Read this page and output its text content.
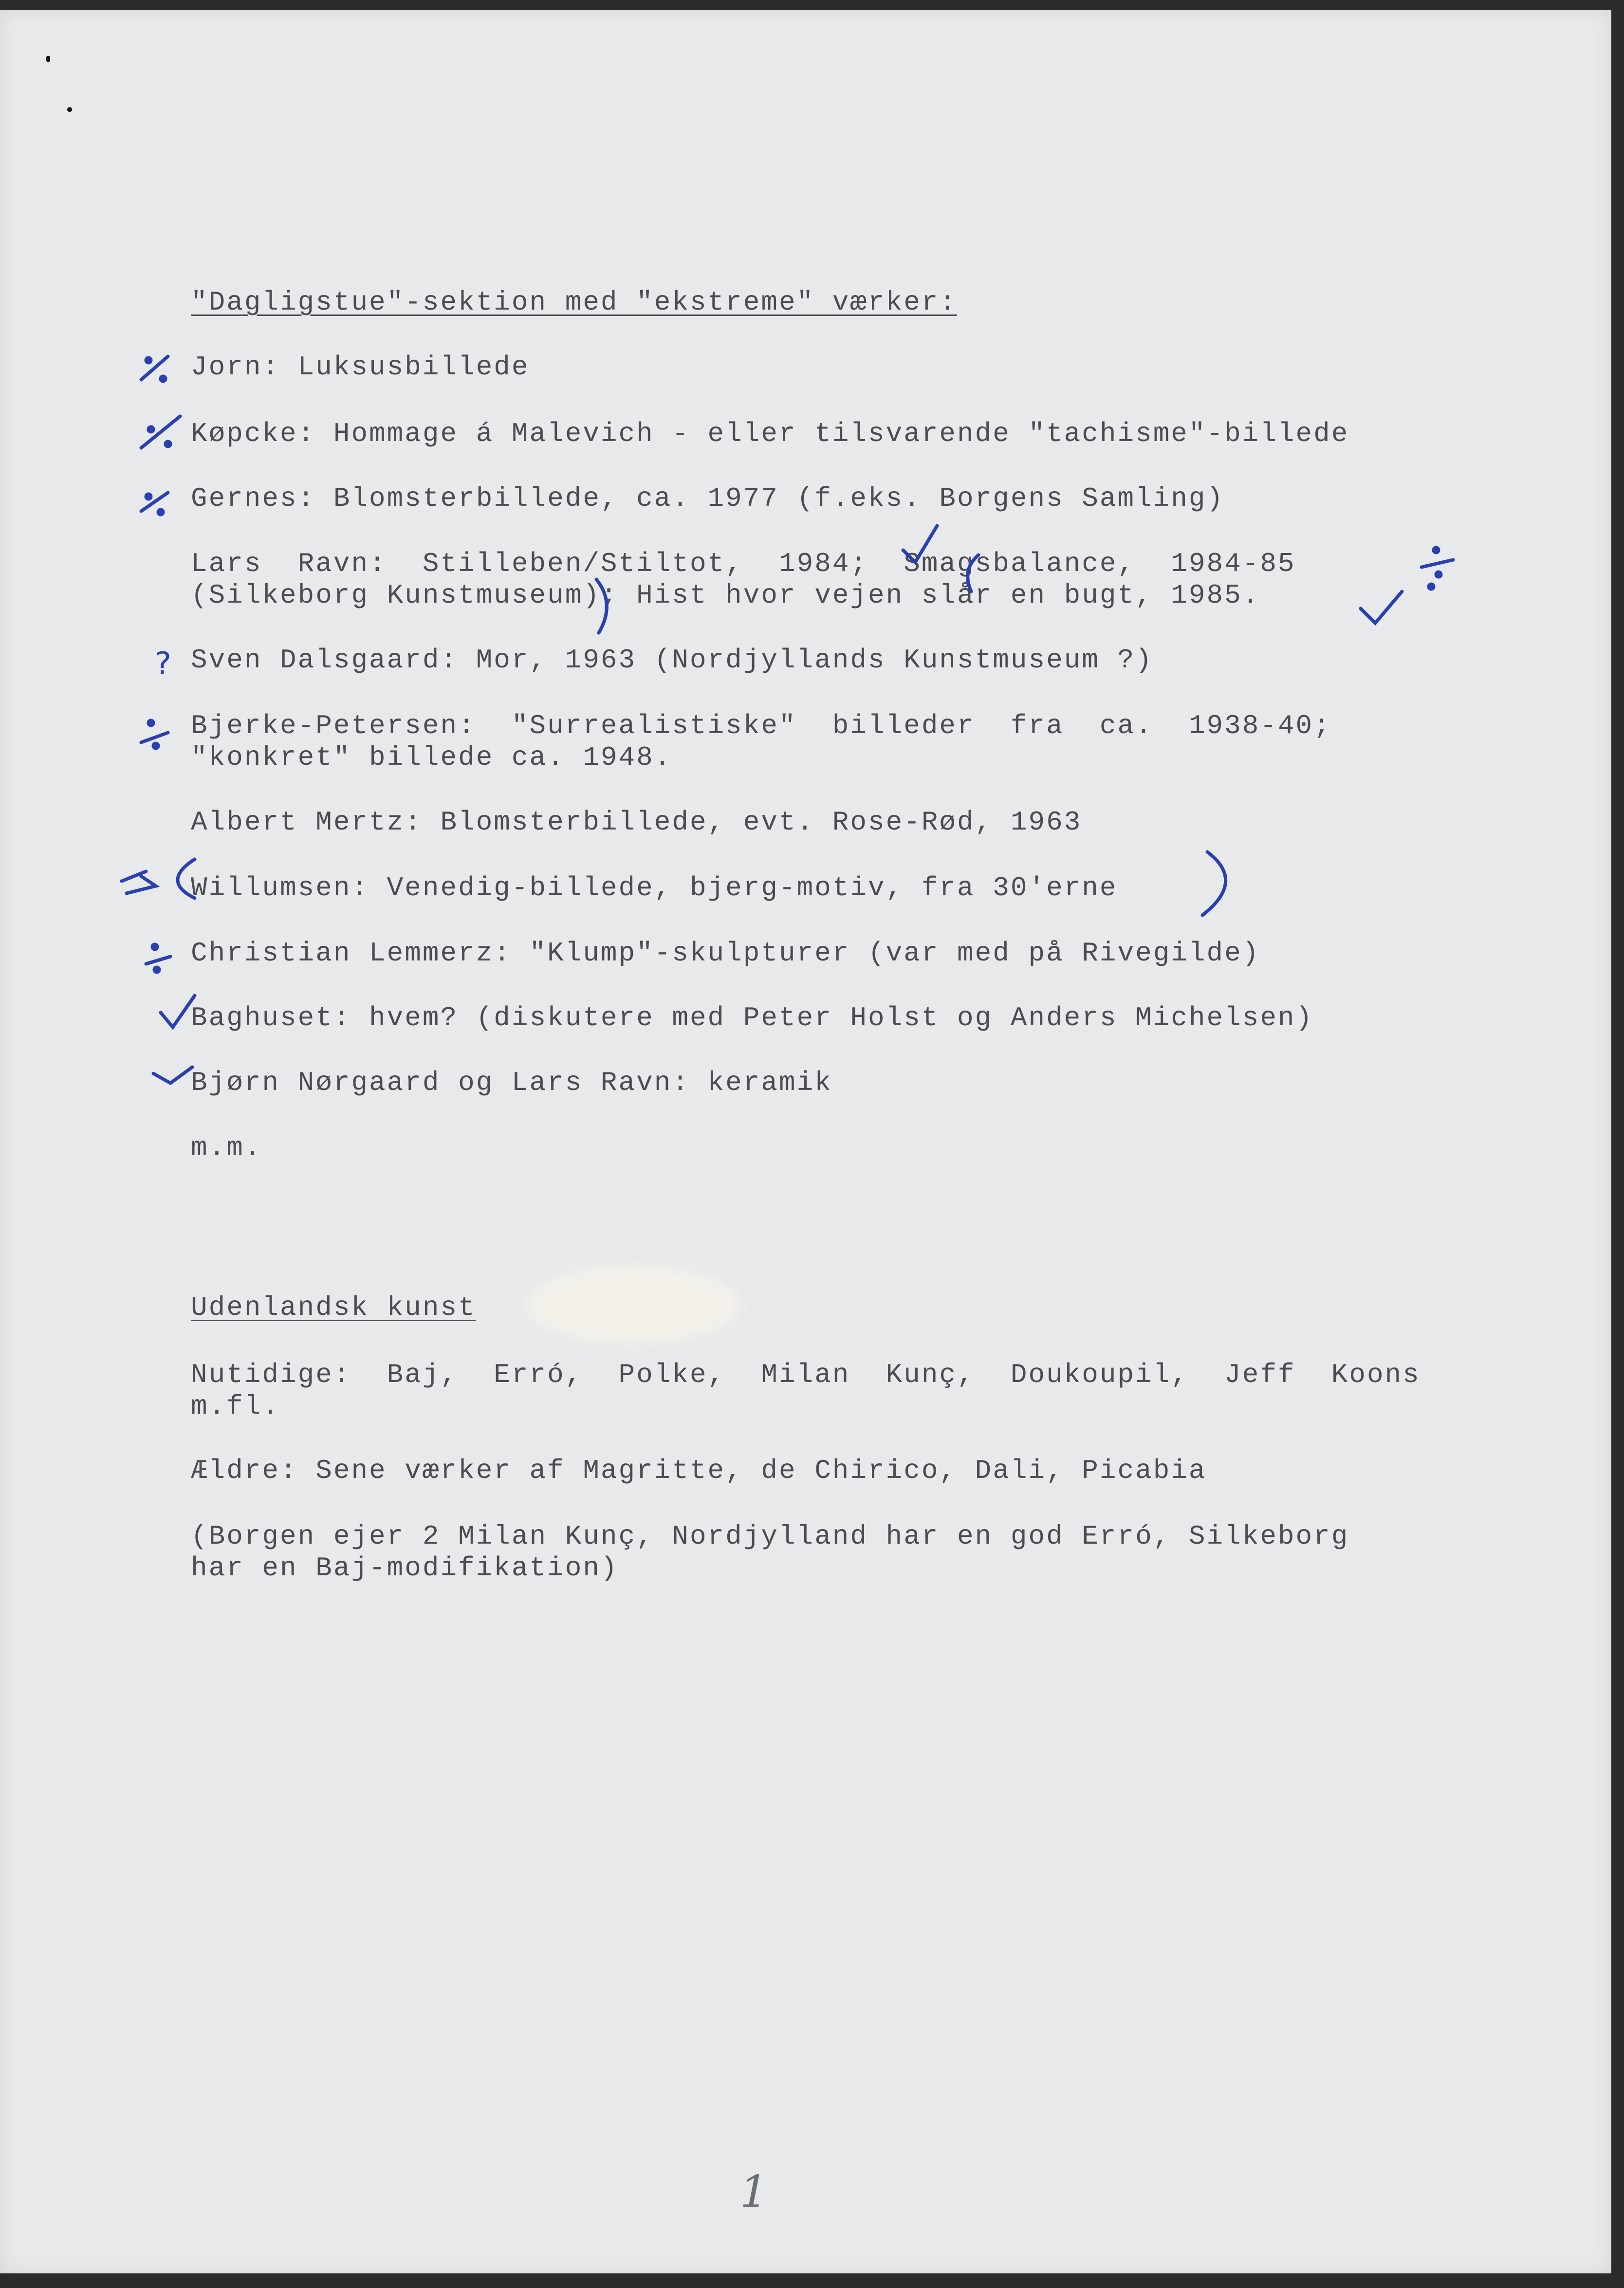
"Dagligstue"-sektion med "ekstreme" værker:
Jorn: Luksusbillede
Køpcke: Hommage á Malevich - eller tilsvarende "tachisme"-billede
Gernes: Blomsterbillede, ca. 1977 (f.eks. Borgens Samling)
Lars  Ravn:  Stilleben/Stiltot,  1984;  Smagsbalance,  1984-85
(Silkeborg Kunstmuseum); Hist hvor vejen slår en bugt, 1985.
Sven Dalsgaard: Mor, 1963 (Nordjyllands Kunstmuseum ?)
Bjerke-Petersen:  "Surrealistiske"  billeder  fra  ca.  1938-40;
"konkret" billede ca. 1948.
Albert Mertz: Blomsterbillede, evt. Rose-Rød, 1963
Willumsen: Venedig-billede, bjerg-motiv, fra 30'erne
Christian Lemmerz: "Klump"-skulpturer (var med på Rivegilde)
Baghuset: hvem? (diskutere med Peter Holst og Anders Michelsen)
Bjørn Nørgaard og Lars Ravn: keramik
m.m.
Udenlandsk kunst
Nutidige:  Baj,  Erró,  Polke,  Milan  Kunç,  Doukoupil,  Jeff  Koons
m.fl.
Ældre: Sene værker af Magritte, de Chirico, Dali, Picabia
(Borgen ejer 2 Milan Kunç, Nordjylland har en god Erró, Silkeborg
har en Baj-modifikation)
?
1
